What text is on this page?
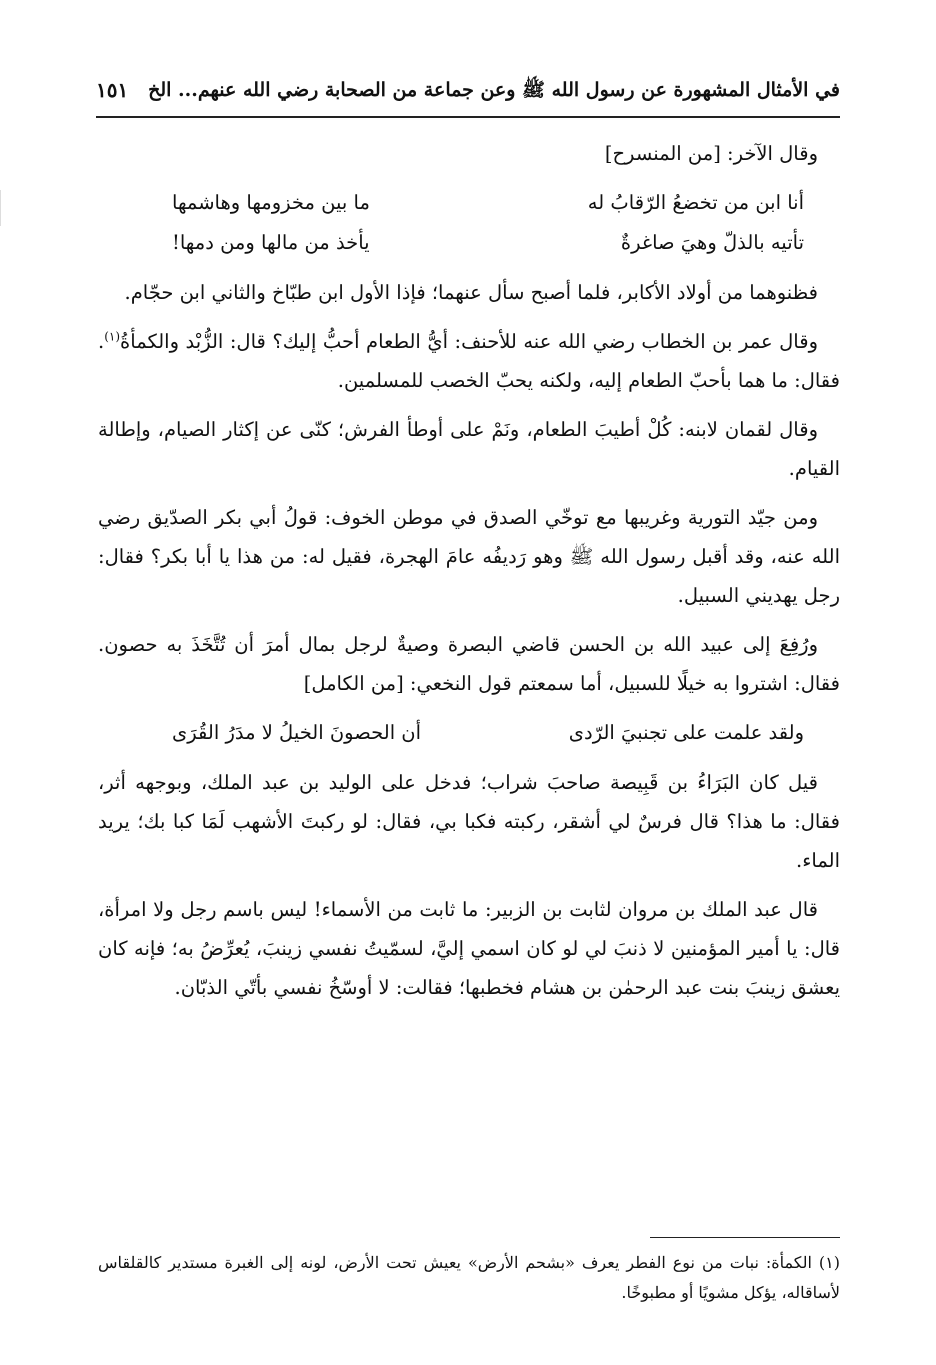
في الأمثال المشهورة عن رسول الله ﷺ وعن جماعة من الصحابة رضي الله عنهم... الخ
١٥١

وقال الآخر: [من المنسرح]

أنا ابن من تخضعُ الرّقابُ له
ما بين مخزومها وهاشمها
تأتيه بالذلّ وهيَ صاغرةٌ
يأخذ من مالها ومن دمها!

فظنوهما من أولاد الأكابر، فلما أصبح سأل عنهما؛ فإذا الأول ابن طبّاخ والثاني ابن حجّام.

وقال عمر بن الخطاب رضي الله عنه للأحنف: أيُّ الطعام أحبُّ إليك؟ قال: الزُّبْد والكمأةُ$^{(١)}$. فقال: ما هما بأحبّ الطعام إليه، ولكنه يحبّ الخصب للمسلمين.

وقال لقمان لابنه: كُلْ أطيبَ الطعام، ونَمْ على أوطأ الفرش؛ كنّى عن إكثار الصيام، وإطالة القيام.

ومن جيّد التورية وغريبها مع توخّي الصدق في موطن الخوف: قولُ أبي بكر الصدّيق رضي الله عنه، وقد أقبل رسول الله ﷺ وهو رَديفُه عامَ الهجرة، فقيل له: من هذا يا أبا بكر؟ فقال: رجل يهديني السبيل.

ورُفِعَ إلى عبيد الله بن الحسن قاضي البصرة وصيةٌ لرجل بمال أمرَ أن تُتَّخَذَ به حصون. فقال: اشتروا به خيلًا للسبيل، أما سمعتم قول النخعي: [من الكامل]

ولقد علمت على تجنبيَ الرّدى
أن الحصونَ الخيلُ لا مدَرُ القُرَى

قيل كان البَرَاءُ بن قَبِيصة صاحبَ شراب؛ فدخل على الوليد بن عبد الملك، وبوجهه أثر، فقال: ما هذا؟ قال فرسٌ لي أشقر، ركبته فكبا بي، فقال: لو ركبتَ الأشهب لَمَا كبا بك؛ يريد الماء.

قال عبد الملك بن مروان لثابت بن الزبير: ما ثابت من الأسماء! ليس باسم رجل ولا امرأة، قال: يا أمير المؤمنين لا ذنبَ لي لو كان اسمي إليَّ، لسمّيتُ نفسي زينبَ، يُعرِّضُ به؛ فإنه كان يعشق زينبَ بنت عبد الرحمٰن بن هشام فخطبها؛ فقالت: لا أوسّخُ نفسي بأتّي الذبّان.

(١) الكمأة: نبات من نوع الفطر يعرف «بشحم الأرض» يعيش تحت الأرض، لونه إلى الغبرة مستدير كالقلقاس لأساقاله، يؤكل مشويًا أو مطبوخًا.
